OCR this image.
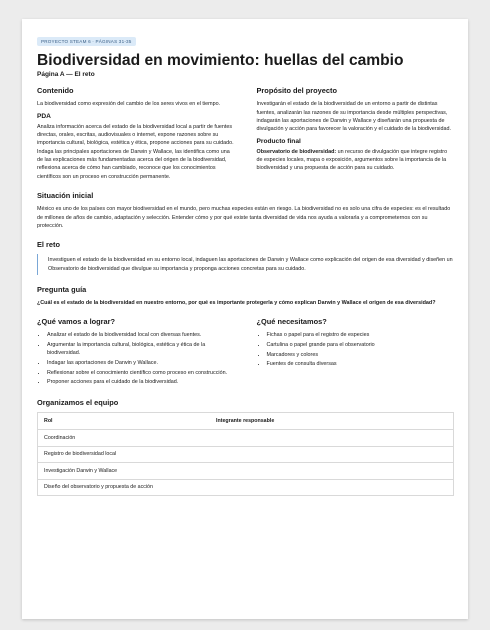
PROYECTO STEAM 6 · PÁGINAS 31-35
Biodiversidad en movimiento: huellas del cambio
Página A — El reto
Contenido

La biodiversidad como expresión del cambio de los seres vivos en el tiempo.

PDA

Analiza información acerca del estado de la biodiversidad local a partir de fuentes directas, orales, escritas, audiovisuales o internet, expone razones sobre su importancia cultural, biológica, estética y ética, propone acciones para su cuidado. Indaga las principales aportaciones de Darwin y Wallace, las identifica como una de las explicaciones más fundamentadas acerca del origen de la biodiversidad, reflexiona acerca de cómo han cambiado, reconoce que los conocimientos científicos son un proceso en construcción permanente.

Propósito del proyecto

Investigarán el estado de la biodiversidad de un entorno a partir de distintas fuentes, analizarán las razones de su importancia desde múltiples perspectivas, indagarán las aportaciones de Darwin y Wallace y diseñarán una propuesta de divulgación y acción para favorecer la valoración y el cuidado de la biodiversidad.

Producto final

Observatorio de biodiversidad: un recurso de divulgación que integre registro de especies locales, mapa o exposición, argumentos sobre la importancia de la biodiversidad y una propuesta de acción para su cuidado.

Situación inicial

México es uno de los países con mayor biodiversidad en el mundo, pero muchas especies están en riesgo. La biodiversidad no es solo una cifra de especies: es el resultado de millones de años de cambio, adaptación y selección. Entender cómo y por qué existe tanta diversidad de vida nos ayuda a valorarla y a comprometernos con su protección.

El reto

Investiguen el estado de la biodiversidad en su entorno local, indaguen las aportaciones de Darwin y Wallace como explicación del origen de esa diversidad y diseñen un Observatorio de biodiversidad que divulgue su importancia y proponga acciones concretas para su cuidado.

Pregunta guía

¿Cuál es el estado de la biodiversidad en nuestro entorno, por qué es importante protegerla y cómo explican Darwin y Wallace el origen de esa diversidad?

¿Qué vamos a lograr?
• Analizar el estado de la biodiversidad local con diversas fuentes.
• Argumentar la importancia cultural, biológica, estética y ética de la biodiversidad.
• Indagar las aportaciones de Darwin y Wallace.
• Reflexionar sobre el conocimiento científico como proceso en construcción.
• Proponer acciones para el cuidado de la biodiversidad.
¿Qué necesitamos?
• Fichas o papel para el registro de especies
• Cartulina o papel grande para el observatorio
• Marcadores y colores
• Fuentes de consulta diversas
Organizamos el equipo
Rol	Integrante responsable
Coordinación	
Registro de biodiversidad local	
Investigación Darwin y Wallace	
Diseño del observatorio y propuesta de acción	
